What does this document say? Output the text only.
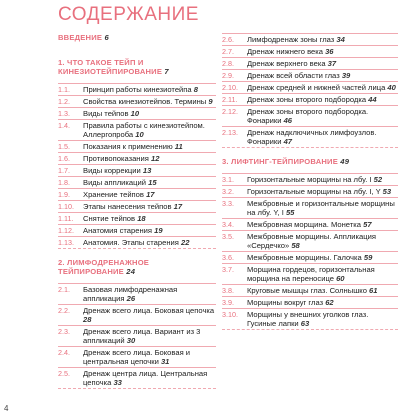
СОДЕРЖАНИЕ
ВВЕДЕНИЕ 6
1. ЧТО ТАКОЕ ТЕЙП И КИНЕЗИОТЕЙПИРОВАНИЕ 7
1.1.	Принцип работы кинезиотейпа 8
1.2.	Свойства кинезиотейпов. Термины 9
1.3.	Виды тейпов 10
1.4.	Правила работы с кинезиотейпом. Аллергопроба 10
1.5.	Показания к применению 11
1.6.	Противопоказания 12
1.7.	Виды коррекции 13
1.8.	Виды аппликаций 15
1.9.	Хранение тейпов 17
1.10.	Этапы нанесения тейпов 17
1.11.	Снятие тейпов 18
1.12.	Анатомия старения 19
1.13.	Анатомия. Этапы старения 22
2. ЛИМФОДРЕНАЖНОЕ ТЕЙПИРОВАНИЕ 24
2.1.	Базовая лимфодренажная аппликация 26
2.2.	Дренаж всего лица. Боковая цепочка 28
2.3.	Дренаж всего лица. Вариант из 3 аппликаций 30
2.4.	Дренаж всего лица. Боковая и центральная цепочки 31
2.5.	Дренаж центра лица. Центральная цепочка 33
2.6.	Лимфодренаж зоны глаз 34
2.7.	Дренаж нижнего века 36
2.8.	Дренаж верхнего века 37
2.9.	Дренаж всей области глаз 39
2.10.	Дренаж средней и нижней частей лица 40
2.11.	Дренаж зоны второго подбородка 44
2.12.	Дренаж зоны второго подбородка. Фонарики 46
2.13.	Дренаж надключичных лимфоузлов. Фонарики 47
3. ЛИФТИНГ-ТЕЙПИРОВАНИЕ 49
3.1.	Горизонтальные морщины на лбу. I 52
3.2.	Горизонтальные морщины на лбу. I, Y 53
3.3.	Межбровные и горизонтальные морщины на лбу. Y, I 55
3.4.	Межбровная морщина. Монетка 57
3.5.	Межбровные морщины. Аппликация «Сердечко» 58
3.6.	Межбровные морщины. Галочка 59
3.7.	Морщина гордецов, горизонтальная морщина на переносице 60
3.8.	Круговые мышцы глаз. Солнышко 61
3.9.	Морщины вокруг глаз 62
3.10.	Морщины у внешних уголков глаз. Гусиные лапки 63
4
